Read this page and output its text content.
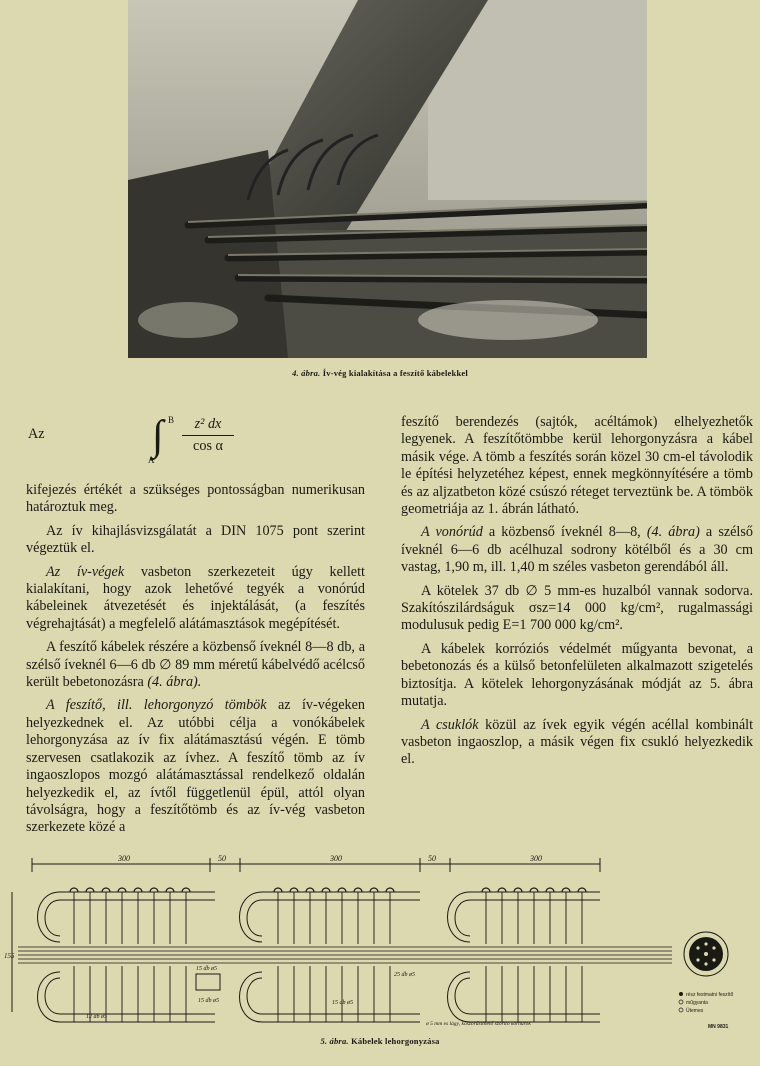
4. ábra. Ív-vég kialakítása a feszítő kábelekkel
Az
B
∫
A
z² dx
cos α

kifejezés értékét a szükséges pontosságban numerikusan határoztuk meg.

Az ív kihajlásvizsgálatát a DIN 1075 pont szerint végeztük el.

Az ív-végek vasbeton szerkezeteit úgy kellett kialakítani, hogy azok lehetővé tegyék a vonórúd kábeleinek átvezetését és injektálását, (a feszítés végrehajtását) a megfelelő alátámasztások megépítését.

A feszítő kábelek részére a közbenső íveknél 8—8 db, a szélső íveknél 6—6 db ∅ 89 mm méretű kábelvédő acélcső került bebetonozásra (4. ábra).

A feszítő, ill. lehorgonyzó tömbök az ív-végeken helyezkednek el. Az utóbbi célja a vonókábelek lehorgonyzása az ív fix alátámasztású végén. E tömb szervesen csatlakozik az ívhez. A feszítő tömb az ív ingaoszlopos mozgó alátámasztással rendelkező oldalán helyezkedik el, az ívtől függetlenül épül, attól olyan távolságra, hogy a feszítőtömb és az ív-vég vasbeton szerkezete közé a

feszítő berendezés (sajtók, acéltámok) elhelyezhetők legyenek. A feszítőtömbbe kerül lehorgonyzásra a kábel másik vége. A tömb a feszítés során közel 30 cm-el távolodik le építési helyzetéhez képest, ennek megkönnyítésére a tömb és az aljzatbeton közé csúszó réteget terveztünk be. A tömbök geometriája az 1. ábrán látható.

A vonórúd a közbenső íveknél 8—8, (4. ábra) a szélső íveknél 6—6 db acélhuzal sodrony kötélből és a 30 cm vastag, 1,90 m, ill. 1,40 m széles vasbeton gerendából áll.

A kötelek 37 db ∅ 5 mm-es huzalból vannak sodorva. Szakítószilárdságuk σsz=14 000 kg/cm², rugalmassági modulusuk pedig E=1 700 000 kg/cm².

A kábelek korróziós védelmét műgyanta bevonat, a bebetonozás és a külső betonfelületen alkalmazott szigetelés biztosítja. A kötelek lehorgonyzásának módját az 5. ábra mutatja.

A csuklók közül az ívek egyik végén acéllal kombinált vasbeton ingaoszlop, a másik végen fix csukló helyezkedik el.

300	50	300	50	300
155
15 db ø5
25 db ø5
15 db ø5
12 db ø5
15 db ø5
ø 5 mm es lágy, köszörűsíthető szorító körhurok
rész festmatni feszítő
műgyanta
Ütemes
MN 9831
5. ábra. Kábelek lehorgonyzása
